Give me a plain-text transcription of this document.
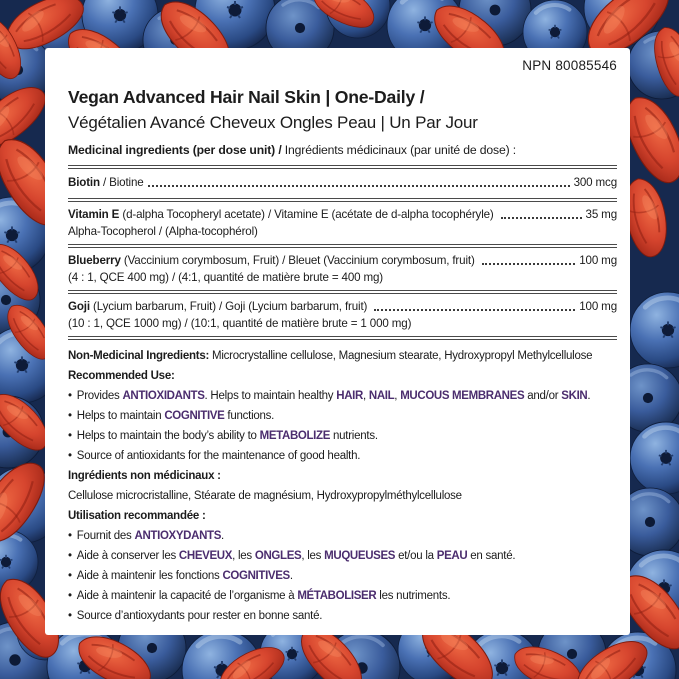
NPN 80085546
Vegan Advanced Hair Nail Skin | One-Daily /
Végétalien Avancé Cheveux Ongles Peau | Un Par Jour
Medicinal ingredients (per dose unit) / Ingrédients médicinaux (par unité de dose) :
Biotin / Biotine	300 mcg
Vitamin E (d-alpha Tocopheryl acetate) / Vitamine E (acétate de d-alpha tocophéryle)	35 mg
Alpha-Tocopherol / (Alpha-tocophérol)
Blueberry (Vaccinium corymbosum, Fruit) / Bleuet (Vaccinium corymbosum, fruit)	100 mg
(4 : 1, QCE 400 mg) / (4:1, quantité de matière brute = 400 mg)
Goji (Lycium barbarum, Fruit) / Goji (Lycium barbarum, fruit)	100 mg
(10 : 1, QCE 1000 mg) / (10:1, quantité de matière brute = 1 000 mg)
Non-Medicinal Ingredients: Microcrystalline cellulose, Magnesium stearate, Hydroxypropyl Methylcellulose
Recommended Use:
• Provides ANTIOXIDANTS. Helps to maintain healthy HAIR, NAIL, MUCOUS MEMBRANES and/or SKIN.
• Helps to maintain COGNITIVE functions.
• Helps to maintain the body’s ability to METABOLIZE nutrients.
• Source of antioxidants for the maintenance of good health.
Ingrédients non médicinaux :
Cellulose microcristalline, Stéarate de magnésium, Hydroxypropylméthylcellulose
Utilisation recommandée :
• Fournit des ANTIOXYDANTS.
• Aide à conserver les CHEVEUX, les ONGLES, les MUQUEUSES et/ou la PEAU en santé.
• Aide à maintenir les fonctions COGNITIVES.
• Aide à maintenir la capacité de l’organisme à MÉTABOLISER les nutriments.
• Source d’antioxydants pour rester en bonne santé.
